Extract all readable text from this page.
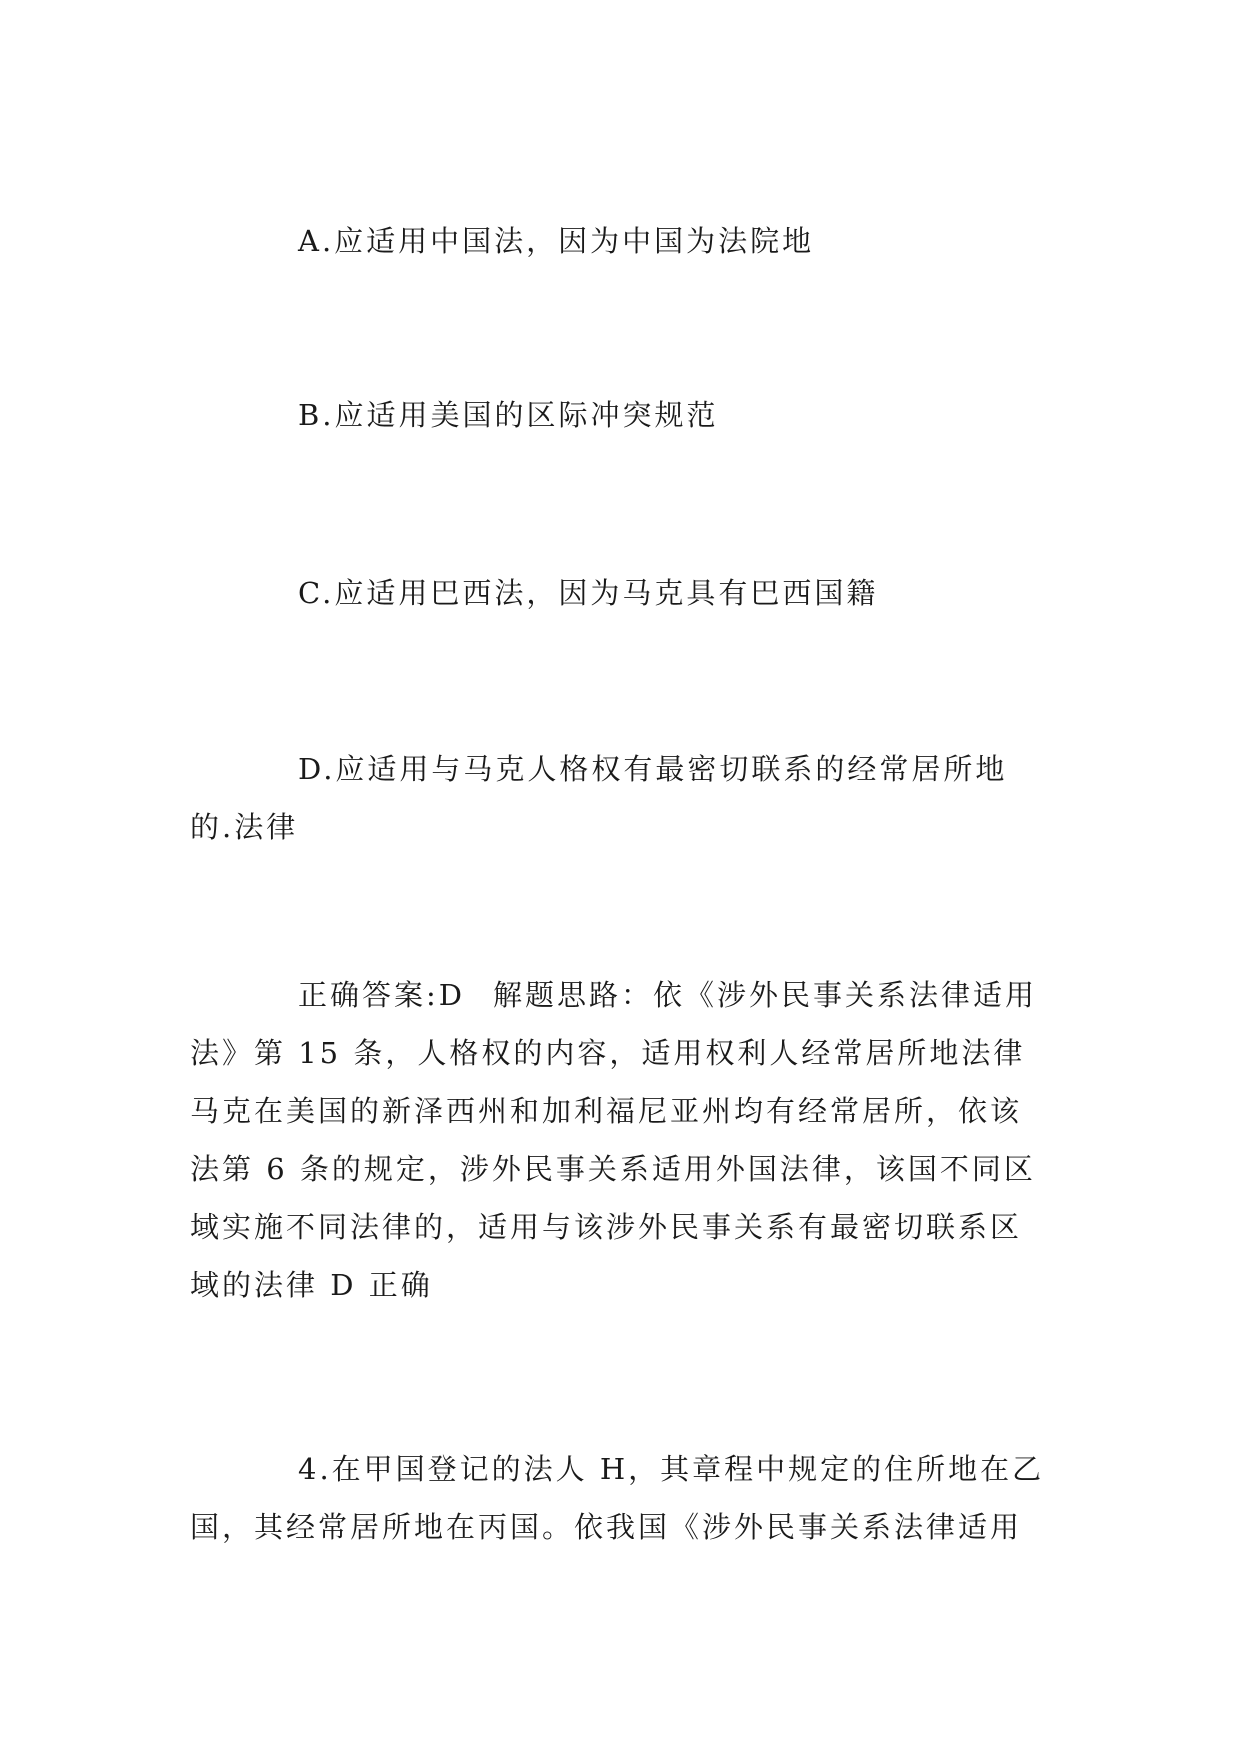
A.应适用中国法，因为中国为法院地

B.应适用美国的区际冲突规范

C.应适用巴西法，因为马克具有巴西国籍

D.应适用与马克人格权有最密切联系的经常居所地
的.法律

正确答案:D 解题思路：依《涉外民事关系法律适用
法》第 15 条，人格权的内容，适用权利人经常居所地法律
马克在美国的新泽西州和加利福尼亚州均有经常居所，依该
法第 6 条的规定，涉外民事关系适用外国法律，该国不同区
域实施不同法律的，适用与该涉外民事关系有最密切联系区
域的法律 D 正确

4.在甲国登记的法人 H，其章程中规定的住所地在乙
国，其经常居所地在丙国。依我国《涉外民事关系法律适用
